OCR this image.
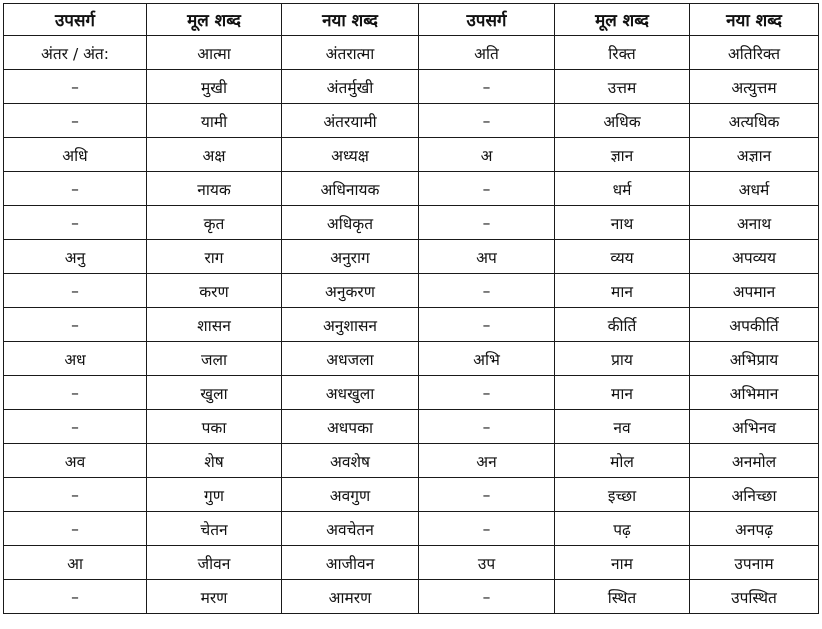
उपसर्ग	मूल शब्द	नया शब्द	उपसर्ग	मूल शब्द	नया शब्द
अंतर / अंत:	आत्मा	अंतरात्मा	अति	रिक्त	अतिरिक्त
–	मुखी	अंतर्मुखी	–	उत्तम	अत्युत्तम
–	यामी	अंतरयामी	–	अधिक	अत्यधिक
अधि	अक्ष	अध्यक्ष	अ	ज्ञान	अज्ञान
–	नायक	अधिनायक	–	धर्म	अधर्म
–	कृत	अधिकृत	–	नाथ	अनाथ
अनु	राग	अनुराग	अप	व्यय	अपव्यय
–	करण	अनुकरण	–	मान	अपमान
–	शासन	अनुशासन	–	कीर्ति	अपकीर्ति
अध	जला	अधजला	अभि	प्राय	अभिप्राय
–	खुला	अधखुला	–	मान	अभिमान
–	पका	अधपका	–	नव	अभिनव
अव	शेष	अवशेष	अन	मोल	अनमोल
–	गुण	अवगुण	–	इच्छा	अनिच्छा
–	चेतन	अवचेतन	–	पढ़	अनपढ़
आ	जीवन	आजीवन	उप	नाम	उपनाम
–	मरण	आमरण	–	स्थित	उपस्थित
